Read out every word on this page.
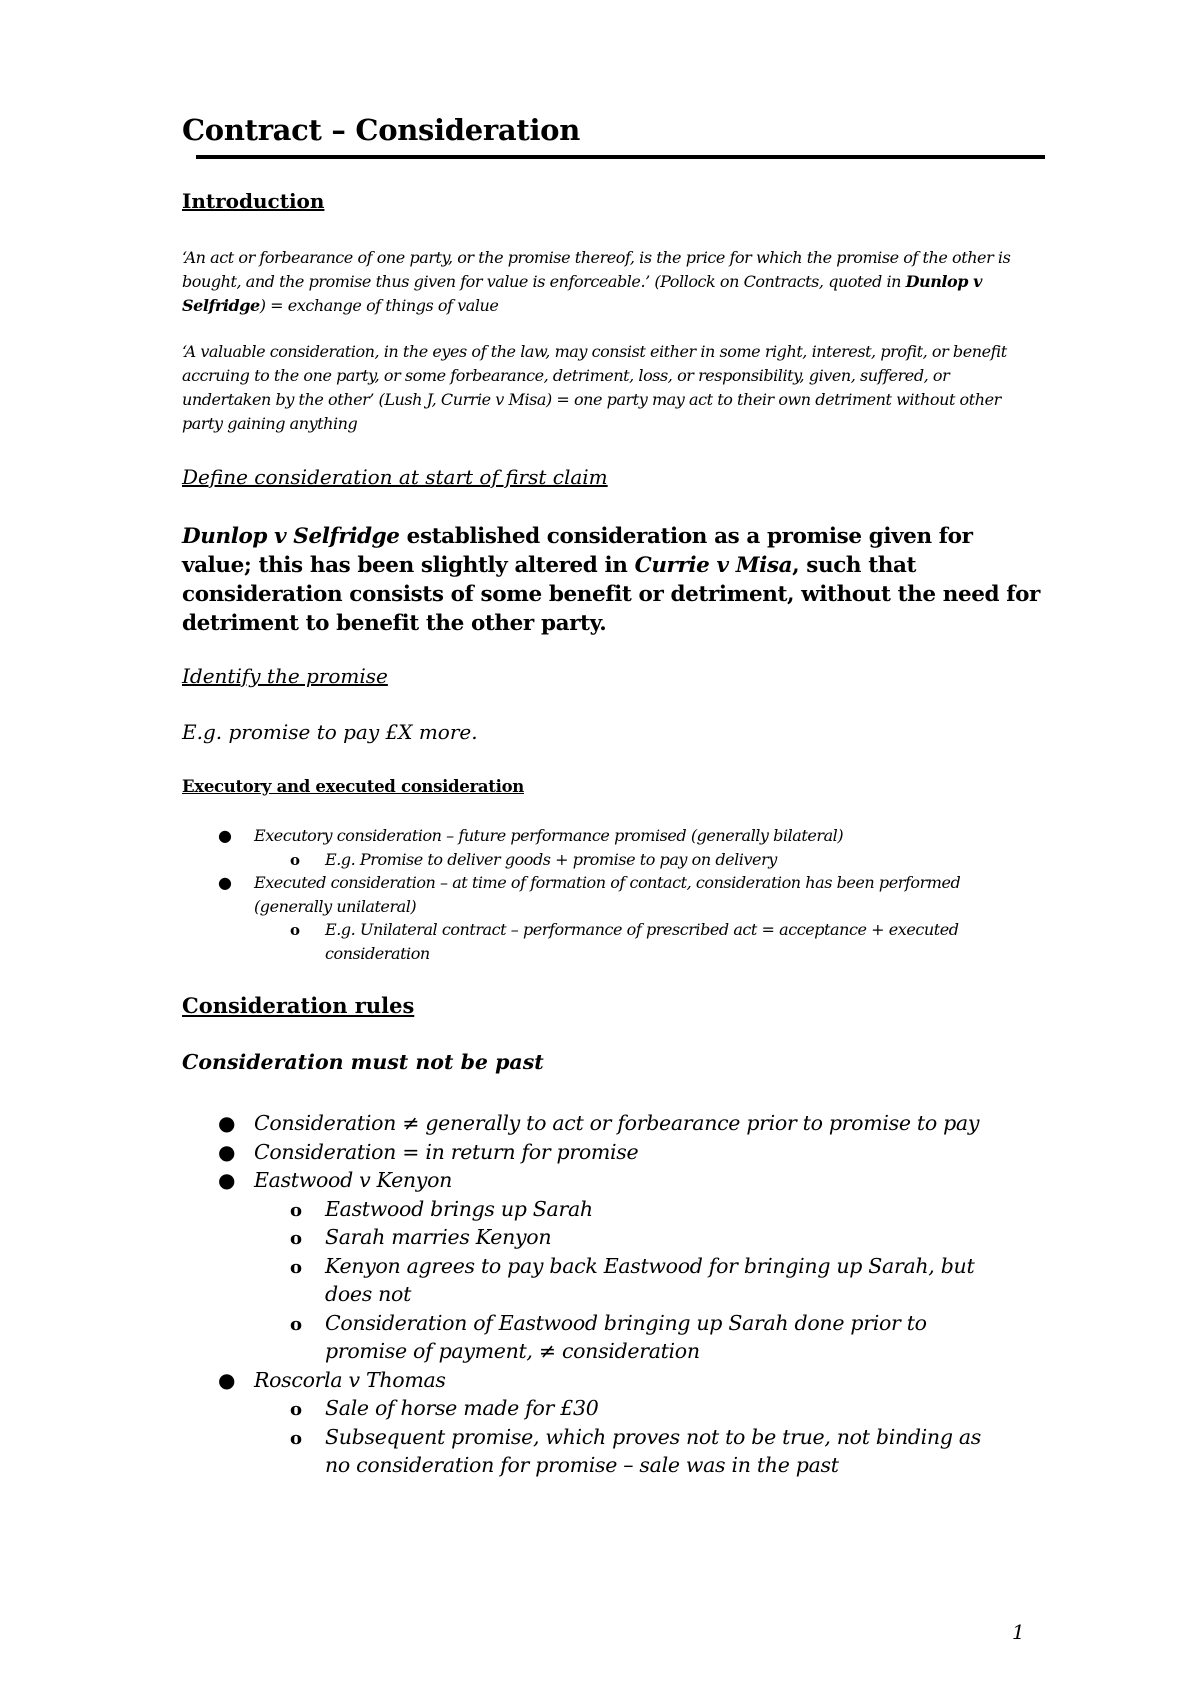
Contract – Consideration
Introduction
‘An act or forbearance of one party, or the promise thereof, is the price for which the promise of the other is bought, and the promise thus given for value is enforceable.’ (Pollock on Contracts, quoted in Dunlop v Selfridge) = exchange of things of value
‘A valuable consideration, in the eyes of the law, may consist either in some right, interest, profit, or benefit accruing to the one party, or some forbearance, detriment, loss, or responsibility, given, suffered, or undertaken by the other’ (Lush J, Currie v Misa) = one party may act to their own detriment without other party gaining anything
Define consideration at start of first claim
Dunlop v Selfridge established consideration as a promise given for value; this has been slightly altered in Currie v Misa, such that consideration consists of some benefit or detriment, without the need for detriment to benefit the other party.
Identify the promise
E.g. promise to pay £X more.
Executory and executed consideration
● Executory consideration – future performance promised (generally bilateral)
o E.g. Promise to deliver goods + promise to pay on delivery
● Executed consideration – at time of formation of contact, consideration has been performed (generally unilateral)
o E.g. Unilateral contract – performance of prescribed act = acceptance + executed consideration
Consideration rules
Consideration must not be past
● Consideration ≠ generally to act or forbearance prior to promise to pay
● Consideration = in return for promise
● Eastwood v Kenyon
o Eastwood brings up Sarah
o Sarah marries Kenyon
o Kenyon agrees to pay back Eastwood for bringing up Sarah, but does not
o Consideration of Eastwood bringing up Sarah done prior to promise of payment, ≠ consideration
● Roscorla v Thomas
o Sale of horse made for £30
o Subsequent promise, which proves not to be true, not binding as no consideration for promise – sale was in the past
1
